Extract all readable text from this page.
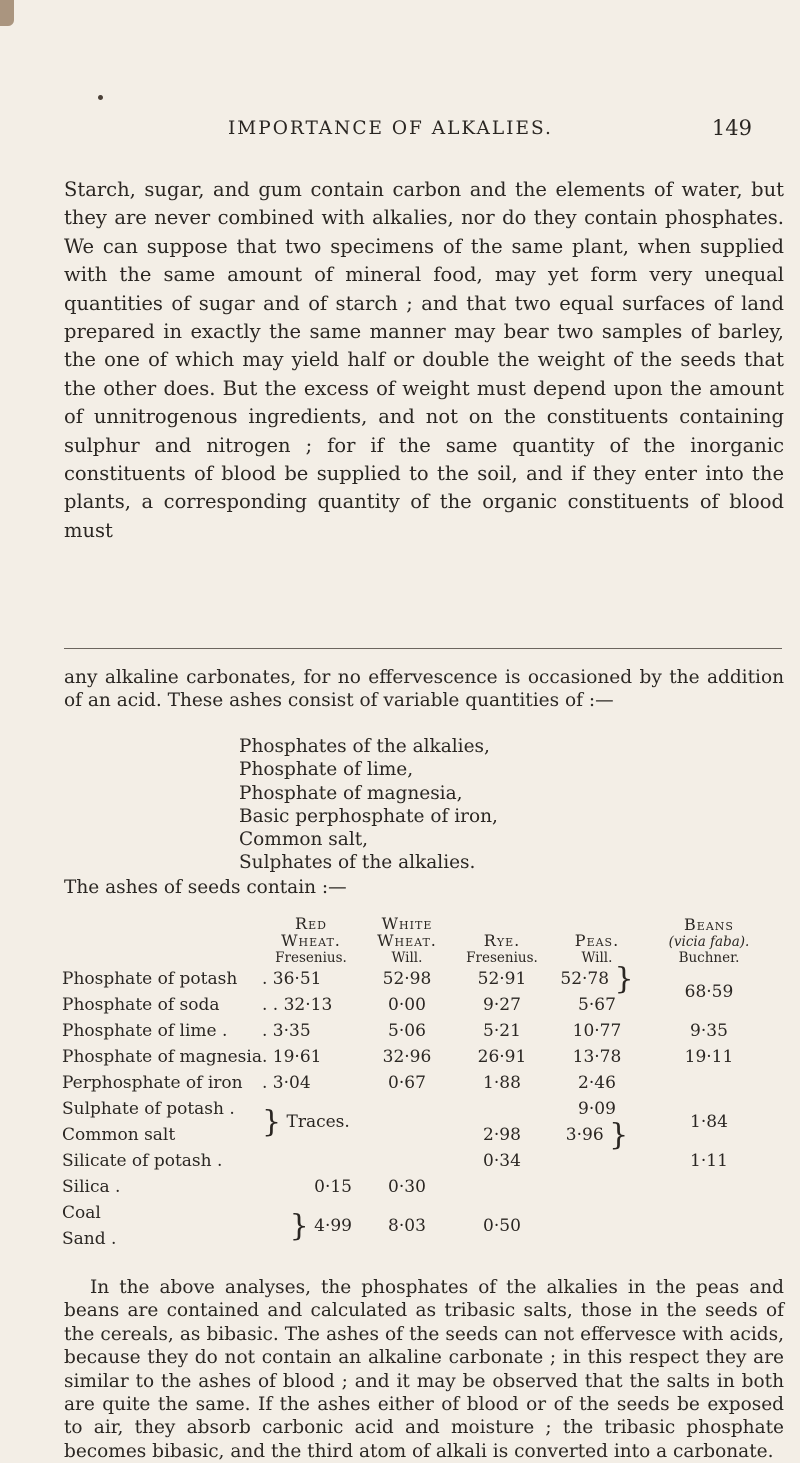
IMPORTANCE OF ALKALIES.	149

Starch, sugar, and gum contain carbon and the elements of water, but they are never combined with alkalies, nor do they contain phosphates. We can suppose that two specimens of the same plant, when supplied with the same amount of mineral food, may yet form very unequal quantities of sugar and of starch ; and that two equal surfaces of land prepared in exactly the same manner may bear two samples of barley, the one of which may yield half or double the weight of the seeds that the other does. But the excess of weight must depend upon the amount of unnitrogenous ingredients, and not on the constituents containing sulphur and nitrogen ; for if the same quantity of the inorganic constituents of blood be supplied to the soil, and if they enter into the plants, a corresponding quantity of the organic constituents of blood must

any alkaline carbonates, for no effervescence is occasioned by the addition of an acid. These ashes consist of variable quantities of :—

Phosphates of the alkalies,
Phosphate of lime,
Phosphate of magnesia,
Basic perphosphate of iron,
Common salt,
Sulphates of the alkalies.
The ashes of seeds contain :—
	Red
Wheat.
Fresenius.	White
Wheat.
Will.	Rye.
Fresenius.	Peas.
Will.	Beans
(vicia faba).
Buchner.
Phosphate of potash	. 36·51	52·98	52·91	52·78 }	68·59
Phosphate of soda	. . 32·13	0·00	9·27	5·67	
Phosphate of lime .	. 3·35	5·06	5·21	10·77	9·35
Phosphate of magnesia	. 19·61	32·96	26·91	13·78	19·11
Perphosphate of iron	. 3·04	0·67	1·88	2·46	
Sulphate of potash .	} Traces.			9·09	1·84
Common salt			2·98	3·96 }	
Silicate of potash .			0·34		1·11
Silica .	0·15	0·30			
Coal	} 4·99	8·03	0·50		
Sand .					
In the above analyses, the phosphates of the alkalies in the peas and beans are contained and calculated as tribasic salts, those in the seeds of the cereals, as bibasic. The ashes of the seeds can not effervesce with acids, because they do not contain an alkaline carbonate ; in this respect they are similar to the ashes of blood ; and it may be observed that the salts in both are quite the same. If the ashes either of blood or of the seeds be exposed to air, they absorb carbonic acid and moisture ; the tribasic phosphate becomes bibasic, and the third atom of alkali is converted into a carbonate.
